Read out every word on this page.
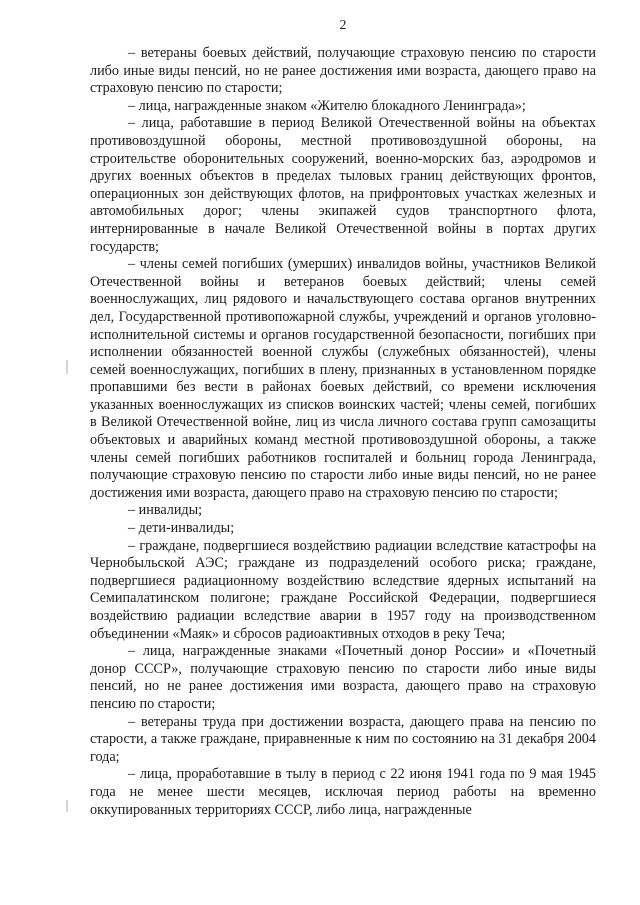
2

– ветераны боевых действий, получающие страховую пенсию по старости либо иные виды пенсий, но не ранее достижения ими возраста, дающего право на страховую пенсию по старости;

– лица, награжденные знаком «Жителю блокадного Ленинграда»;

– лица, работавшие в период Великой Отечественной войны на объектах противовоздушной обороны, местной противовоздушной обороны, на строительстве оборонительных сооружений, военно-морских баз, аэродромов и других военных объектов в пределах тыловых границ действующих фронтов, операционных зон действующих флотов, на прифронтовых участках железных и автомобильных дорог; члены экипажей судов транспортного флота, интернированные в начале Великой Отечественной войны в портах других государств;

– члены семей погибших (умерших) инвалидов войны, участников Великой Отечественной войны и ветеранов боевых действий; члены семей военнослужащих, лиц рядового и начальствующего состава органов внутренних дел, Государственной противопожарной службы, учреждений и органов уголовно-исполнительной системы и органов государственной безопасности, погибших при исполнении обязанностей военной службы (служебных обязанностей), члены семей военнослужащих, погибших в плену, признанных в установленном порядке пропавшими без вести в районах боевых действий, со времени исключения указанных военнослужащих из списков воинских частей; члены семей, погибших в Великой Отечественной войне, лиц из числа личного состава групп самозащиты объектовых и аварийных команд местной противовоздушной обороны, а также члены семей погибших работников госпиталей и больниц города Ленинграда, получающие страховую пенсию по старости либо иные виды пенсий, но не ранее достижения ими возраста, дающего право на страховую пенсию по старости;

– инвалиды;

– дети-инвалиды;

– граждане, подвергшиеся воздействию радиации вследствие катастрофы на Чернобыльской АЭС; граждане из подразделений особого риска; граждане, подвергшиеся радиационному воздействию вследствие ядерных испытаний на Семипалатинском полигоне; граждане Российской Федерации, подвергшиеся воздействию радиации вследствие аварии в 1957 году на производственном объединении «Маяк» и сбросов радиоактивных отходов в реку Теча;

– лица, награжденные знаками «Почетный донор России» и «Почетный донор СССР», получающие страховую пенсию по старости либо иные виды пенсий, но не ранее достижения ими возраста, дающего право на страховую пенсию по старости;

– ветераны труда при достижении возраста, дающего права на пенсию по старости, а также граждане, приравненные к ним по состоянию на 31 декабря 2004 года;

– лица, проработавшие в тылу в период с 22 июня 1941 года по 9 мая 1945 года не менее шести месяцев, исключая период работы на временно оккупированных территориях СССР, либо лица, награжденные
